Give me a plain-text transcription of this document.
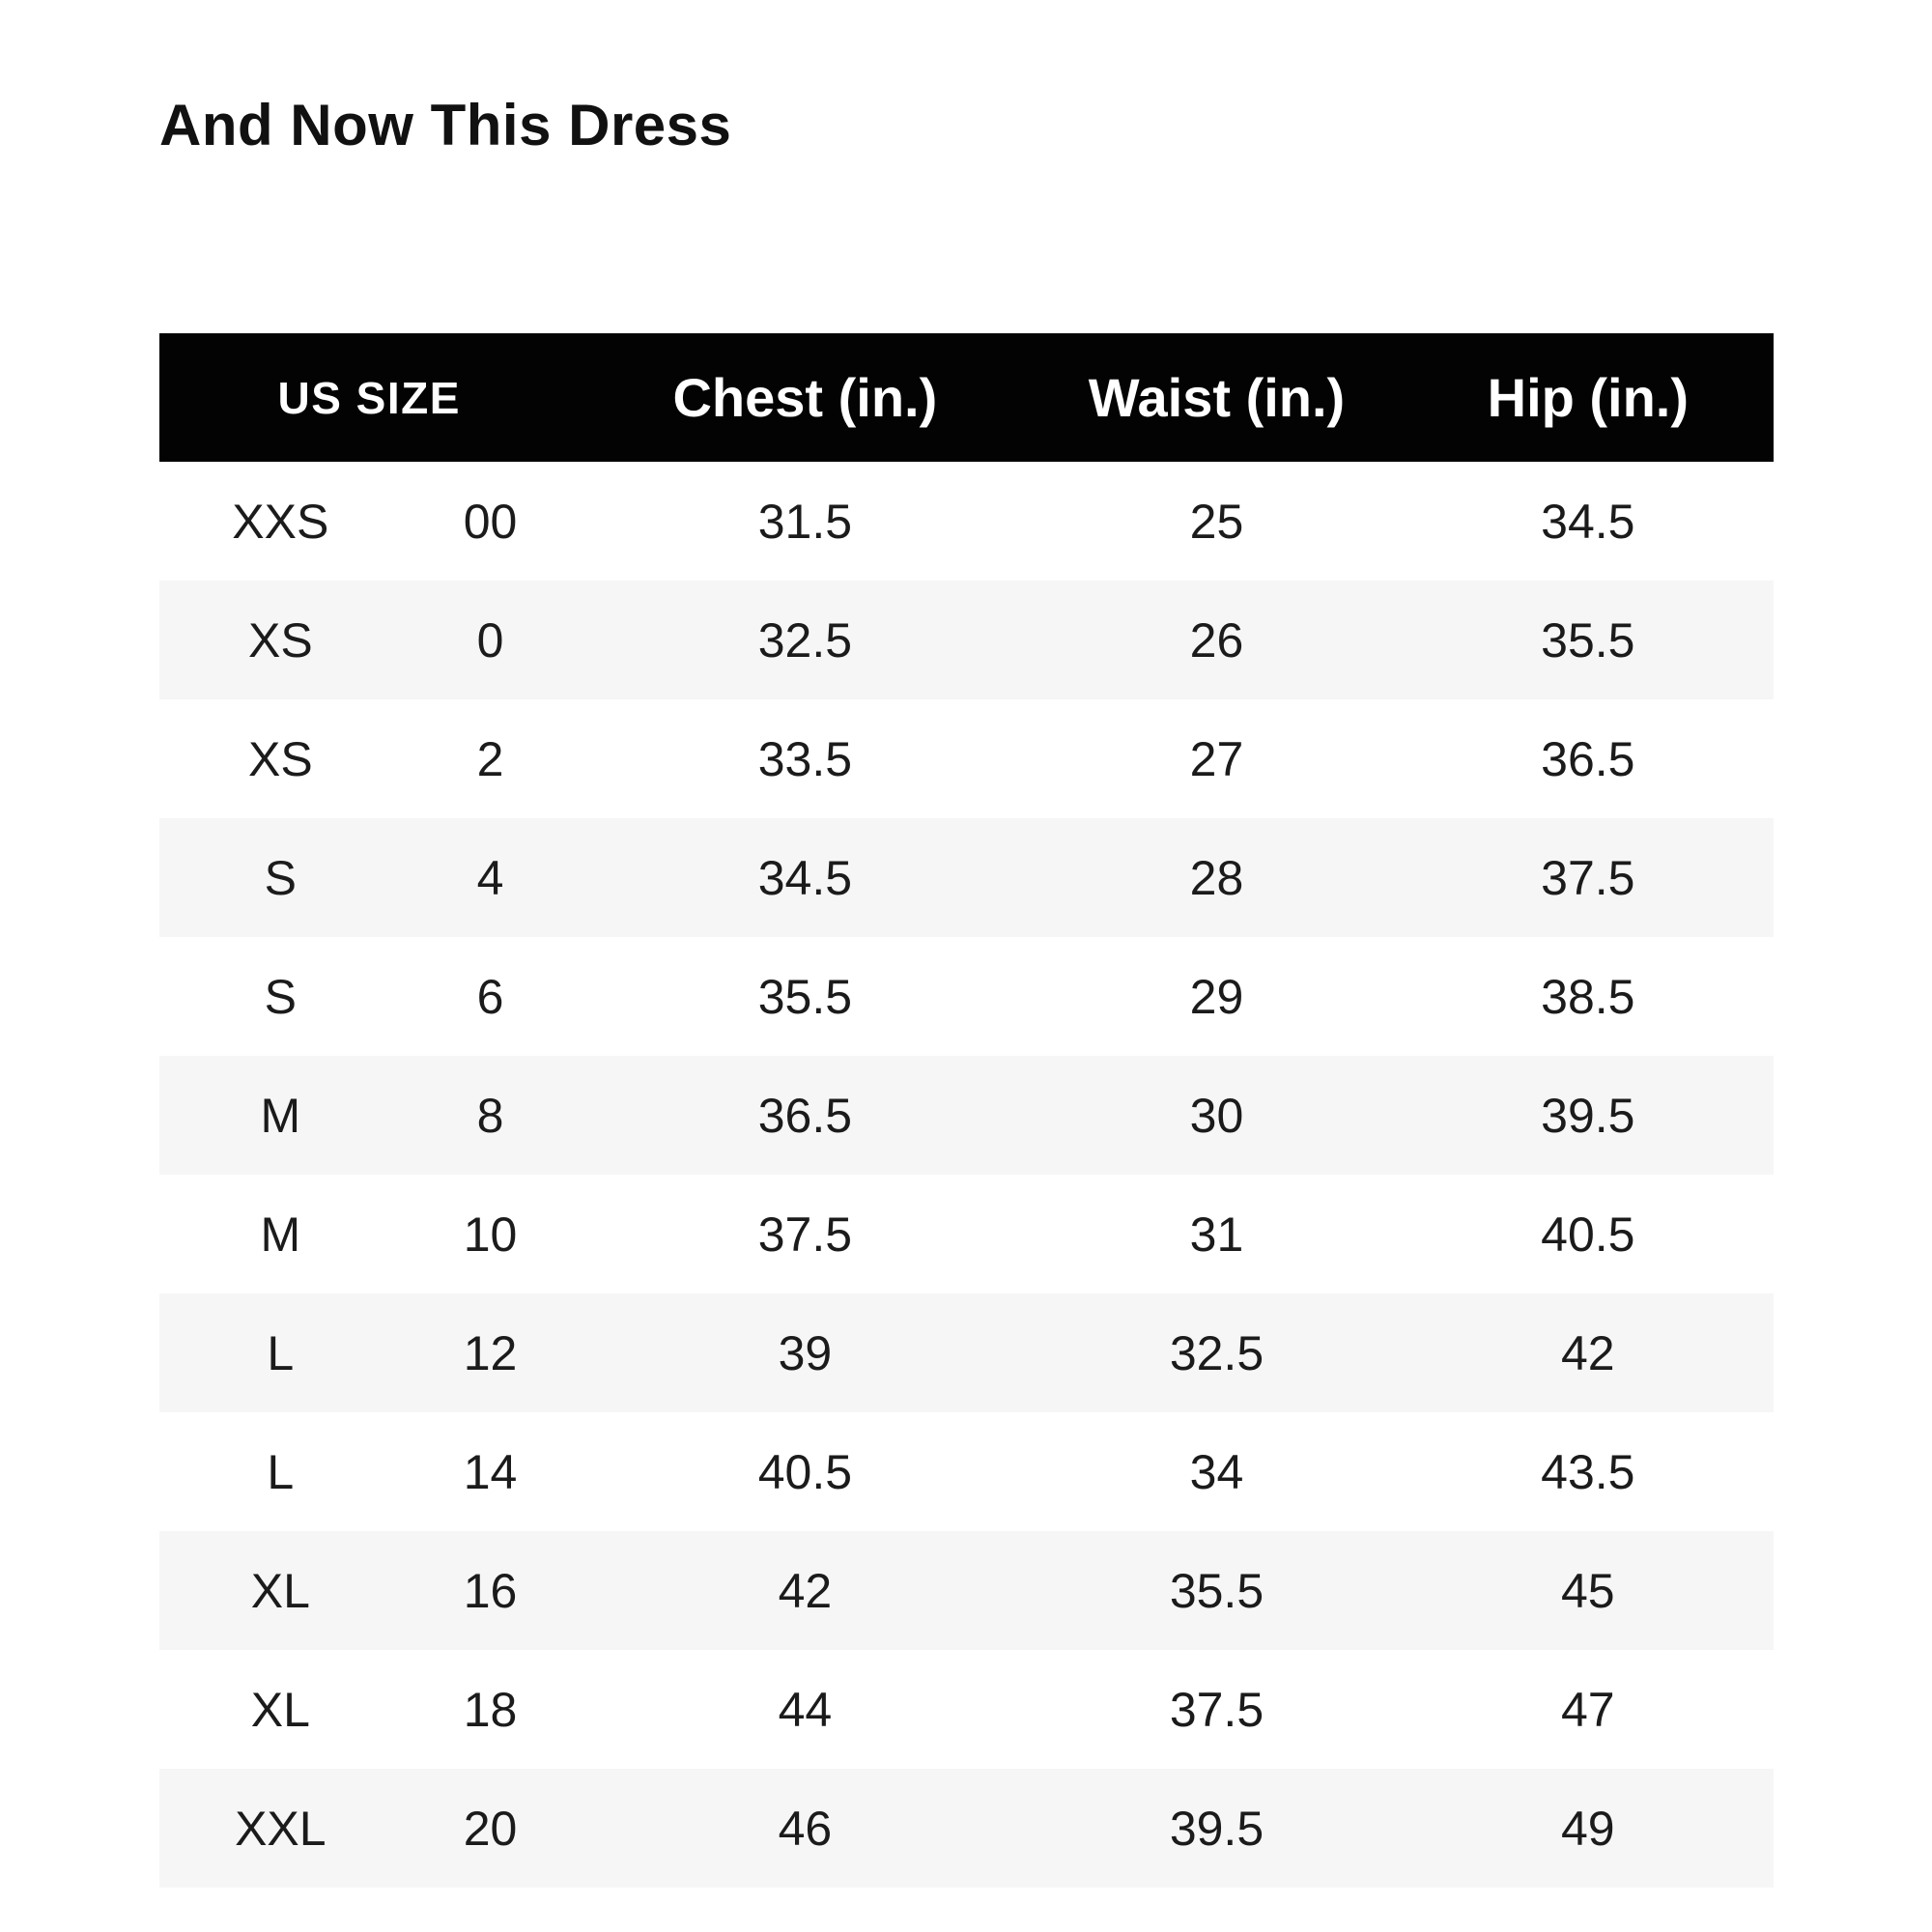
And Now This Dress
US SIZE		Chest (in.)	Waist (in.)	Hip (in.)
XXS	00	31.5	25	34.5
XS	0	32.5	26	35.5
XS	2	33.5	27	36.5
S	4	34.5	28	37.5
S	6	35.5	29	38.5
M	8	36.5	30	39.5
M	10	37.5	31	40.5
L	12	39	32.5	42
L	14	40.5	34	43.5
XL	16	42	35.5	45
XL	18	44	37.5	47
XXL	20	46	39.5	49
